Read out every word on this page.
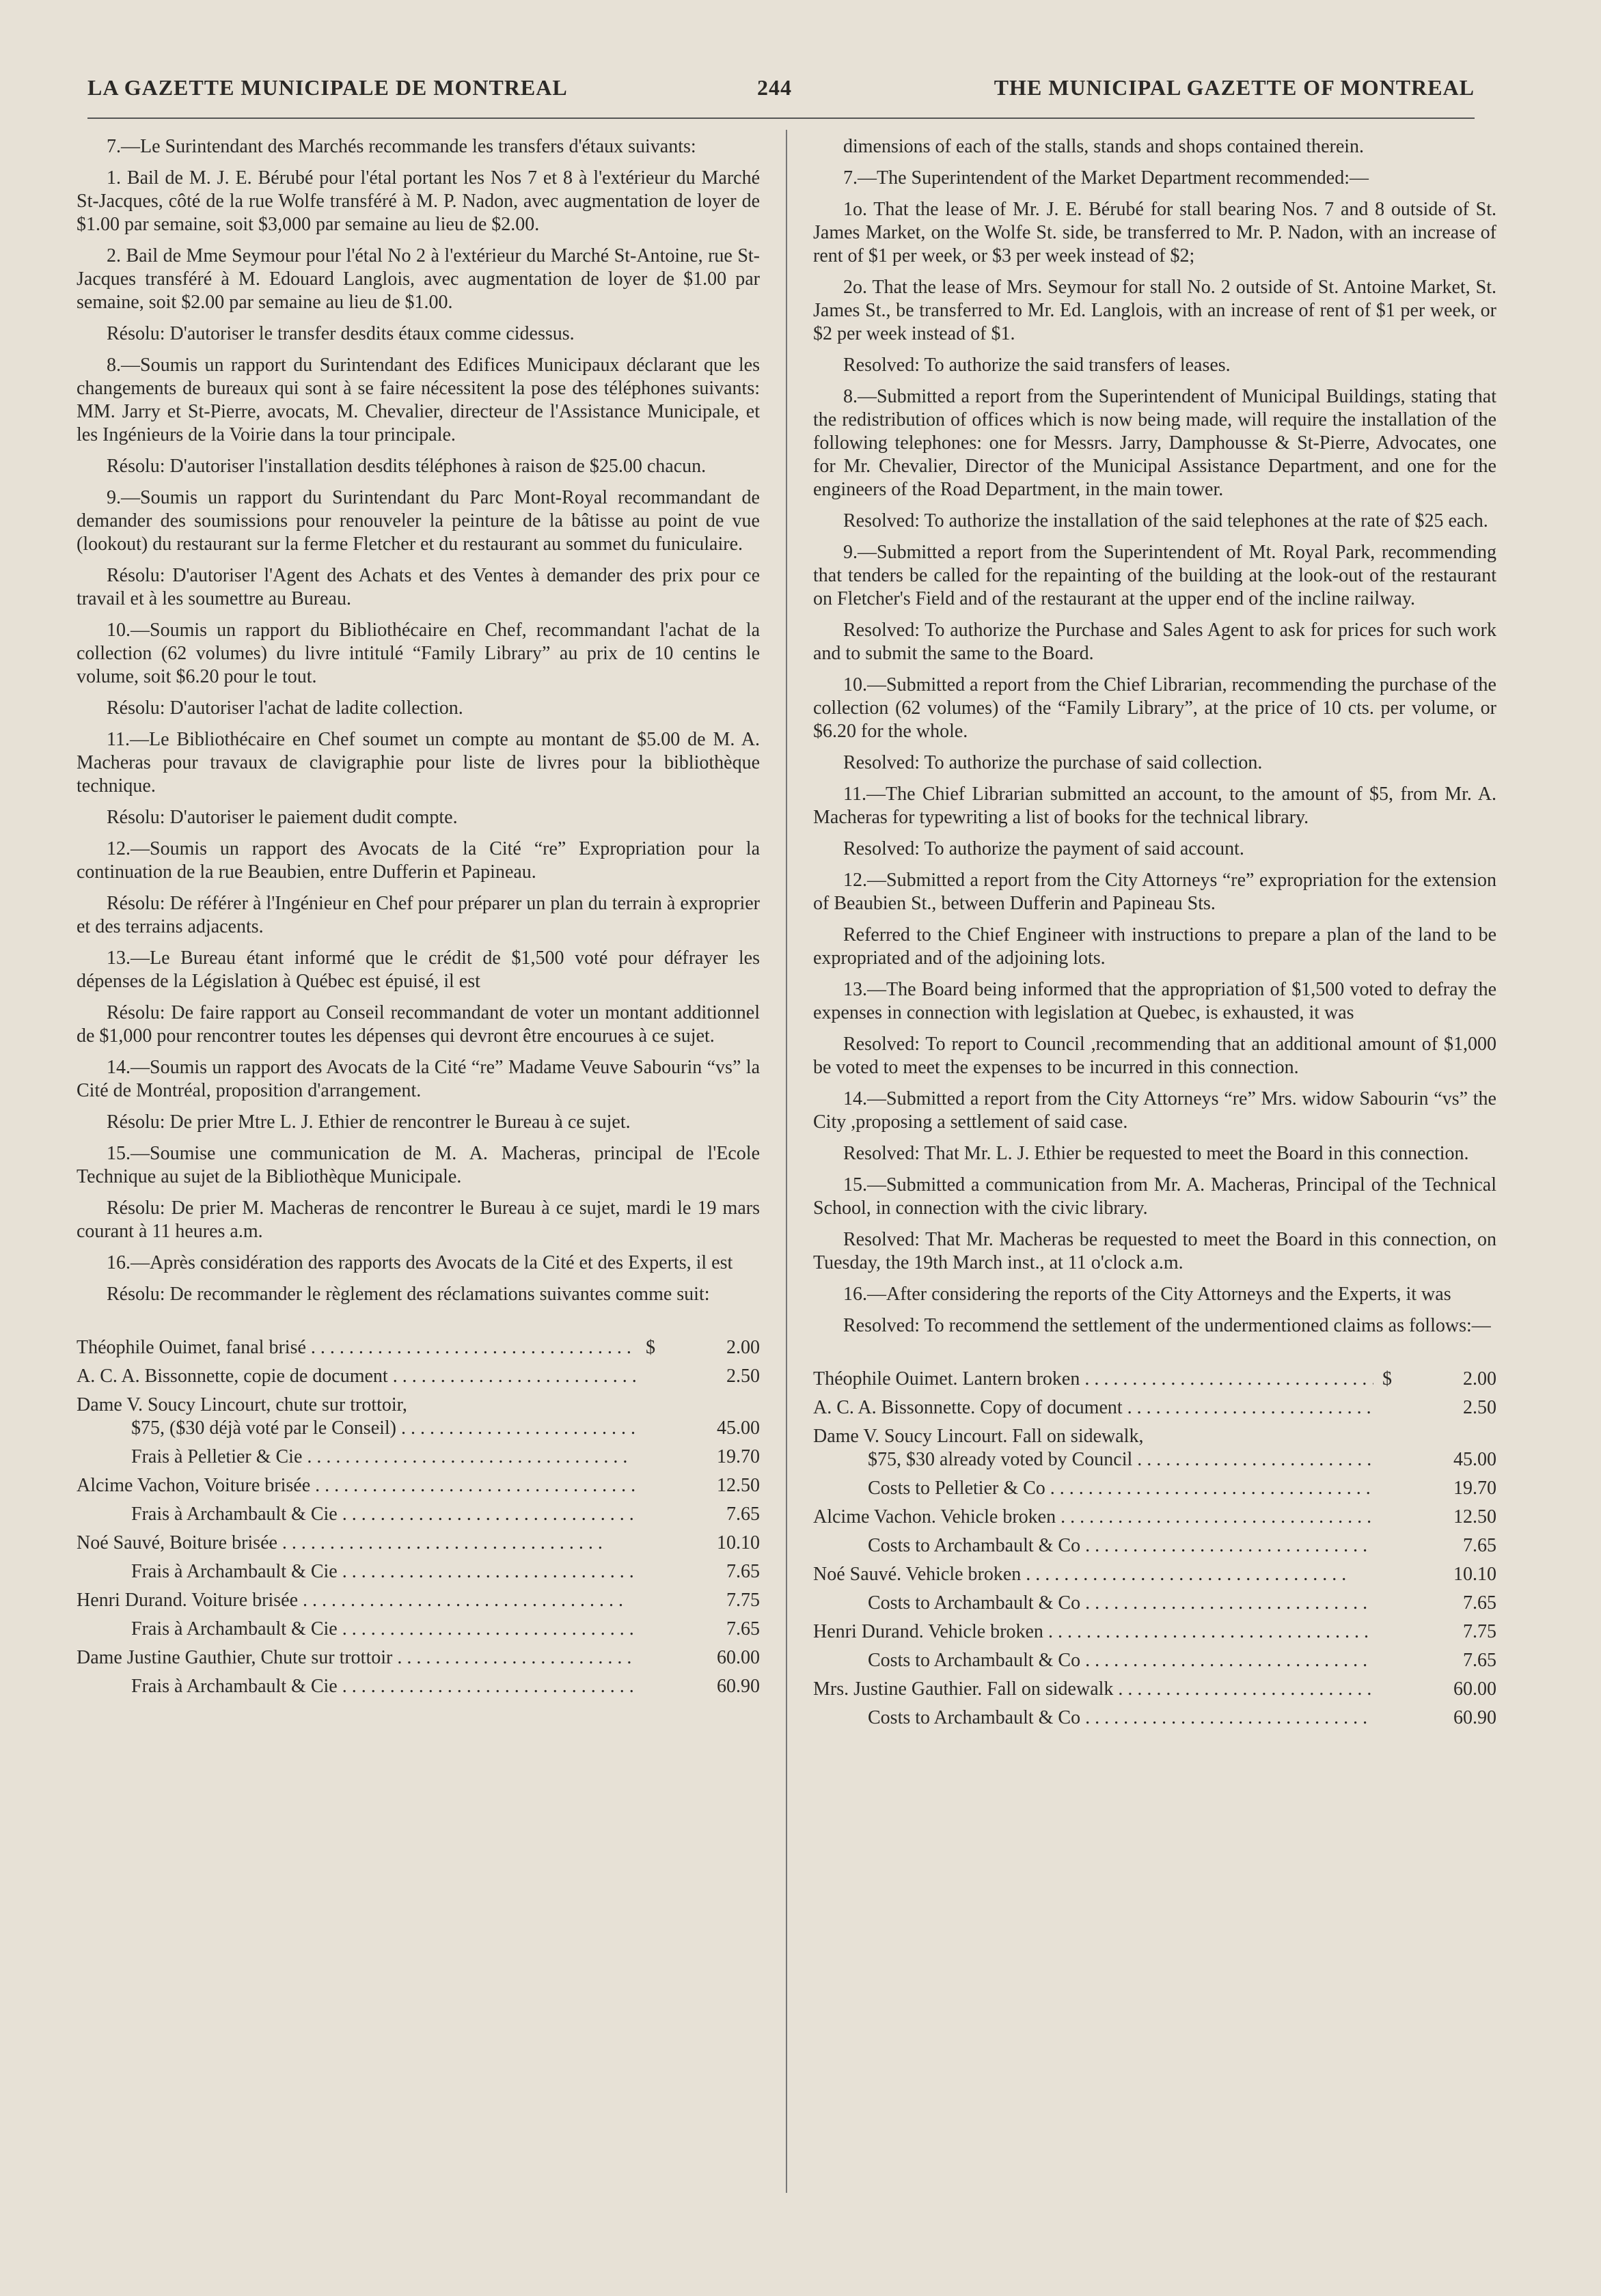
LA GAZETTE MUNICIPALE DE MONTREAL	244	THE MUNICIPAL GAZETTE OF MONTREAL

7.—Le Surintendant des Marchés recommande les transfers d'étaux suivants:

1. Bail de M. J. E. Bérubé pour l'étal portant les Nos 7 et 8 à l'extérieur du Marché St-Jacques, côté de la rue Wolfe transféré à M. P. Nadon, avec augmentation de loyer de $1.00 par semaine, soit $3,000 par semaine au lieu de $2.00.

2. Bail de Mme Seymour pour l'étal No 2 à l'extérieur du Marché St-Antoine, rue St-Jacques transféré à M. Edouard Langlois, avec augmentation de loyer de $1.00 par semaine, soit $2.00 par semaine au lieu de $1.00.

Résolu: D'autoriser le transfer desdits étaux comme cidessus.

8.—Soumis un rapport du Surintendant des Edifices Municipaux déclarant que les changements de bureaux qui sont à se faire nécessitent la pose des téléphones suivants: MM. Jarry et St-Pierre, avocats, M. Chevalier, directeur de l'Assistance Municipale, et les Ingénieurs de la Voirie dans la tour principale.

Résolu: D'autoriser l'installation desdits téléphones à raison de $25.00 chacun.

9.—Soumis un rapport du Surintendant du Parc Mont-Royal recommandant de demander des soumissions pour renouveler la peinture de la bâtisse au point de vue (lookout) du restaurant sur la ferme Fletcher et du restaurant au sommet du funiculaire.

Résolu: D'autoriser l'Agent des Achats et des Ventes à demander des prix pour ce travail et à les soumettre au Bureau.

10.—Soumis un rapport du Bibliothécaire en Chef, recommandant l'achat de la collection (62 volumes) du livre intitulé “Family Library” au prix de 10 centins le volume, soit $6.20 pour le tout.

Résolu: D'autoriser l'achat de ladite collection.

11.—Le Bibliothécaire en Chef soumet un compte au montant de $5.00 de M. A. Macheras pour travaux de clavigraphie pour liste de livres pour la bibliothèque technique.

Résolu: D'autoriser le paiement dudit compte.

12.—Soumis un rapport des Avocats de la Cité “re” Expropriation pour la continuation de la rue Beaubien, entre Dufferin et Papineau.

Résolu: De référer à l'Ingénieur en Chef pour préparer un plan du terrain à exproprier et des terrains adjacents.

13.—Le Bureau étant informé que le crédit de $1,500 voté pour défrayer les dépenses de la Législation à Québec est épuisé, il est

Résolu: De faire rapport au Conseil recommandant de voter un montant additionnel de $1,000 pour rencontrer toutes les dépenses qui devront être encourues à ce sujet.

14.—Soumis un rapport des Avocats de la Cité “re” Madame Veuve Sabourin “vs” la Cité de Montréal, proposition d'arrangement.

Résolu: De prier Mtre L. J. Ethier de rencontrer le Bureau à ce sujet.

15.—Soumise une communication de M. A. Macheras, principal de l'Ecole Technique au sujet de la Bibliothèque Municipale.

Résolu: De prier M. Macheras de rencontrer le Bureau à ce sujet, mardi le 19 mars courant à 11 heures a.m.

16.—Après considération des rapports des Avocats de la Cité et des Experts, il est

Résolu: De recommander le règlement des réclamations suivantes comme suit:

Théophile Ouimet, fanal brisé . . .	$	2.00
A. C. A. Bissonnette, copie de document . . .	2.50
Dame V. Soucy Lincourt, chute sur trottoir,
$75, ($30 déjà voté par le Conseil) . . .	45.00
Frais à Pelletier & Cie . . .	19.70
Alcime Vachon, Voiture brisée . . .	12.50
Frais à Archambault & Cie . . .	7.65
Noé Sauvé, Boiture brisée . . .	10.10
Frais à Archambault & Cie . . .	7.65
Henri Durand. Voiture brisée . . .	7.75
Frais à Archambault & Cie . . .	7.65
Dame Justine Gauthier, Chute sur trottoir . . .	60.00
Frais à Archambault & Cie . . .	60.90

dimensions of each of the stalls, stands and shops contained therein.

7.—The Superintendent of the Market Department recommended:—

1o. That the lease of Mr. J. E. Bérubé for stall bearing Nos. 7 and 8 outside of St. James Market, on the Wolfe St. side, be transferred to Mr. P. Nadon, with an increase of rent of $1 per week, or $3 per week instead of $2;

2o. That the lease of Mrs. Seymour for stall No. 2 outside of St. Antoine Market, St. James St., be transferred to Mr. Ed. Langlois, with an increase of rent of $1 per week, or $2 per week instead of $1.

Resolved: To authorize the said transfers of leases.

8.—Submitted a report from the Superintendent of Municipal Buildings, stating that the redistribution of offices which is now being made, will require the installation of the following telephones: one for Messrs. Jarry, Damphousse & St-Pierre, Advocates, one for Mr. Chevalier, Director of the Municipal Assistance Department, and one for the engineers of the Road Department, in the main tower.

Resolved: To authorize the installation of the said telephones at the rate of $25 each.

9.—Submitted a report from the Superintendent of Mt. Royal Park, recommending that tenders be called for the repainting of the building at the look-out of the restaurant on Fletcher's Field and of the restaurant at the upper end of the incline railway.

Resolved: To authorize the Purchase and Sales Agent to ask for prices for such work and to submit the same to the Board.

10.—Submitted a report from the Chief Librarian, recommending the purchase of the collection (62 volumes) of the “Family Library”, at the price of 10 cts. per volume, or $6.20 for the whole.

Resolved: To authorize the purchase of said collection.

11.—The Chief Librarian submitted an account, to the amount of $5, from Mr. A. Macheras for typewriting a list of books for the technical library.

Resolved: To authorize the payment of said account.

12.—Submitted a report from the City Attorneys “re” expropriation for the extension of Beaubien St., between Dufferin and Papineau Sts.

Referred to the Chief Engineer with instructions to prepare a plan of the land to be expropriated and of the adjoining lots.

13.—The Board being informed that the appropriation of $1,500 voted to defray the expenses in connection with legislation at Quebec, is exhausted, it was

Resolved: To report to Council ,recommending that an additional amount of $1,000 be voted to meet the expenses to be incurred in this connection.

14.—Submitted a report from the City Attorneys “re” Mrs. widow Sabourin “vs” the City ,proposing a settlement of said case.

Resolved: That Mr. L. J. Ethier be requested to meet the Board in this connection.

15.—Submitted a communication from Mr. A. Macheras, Principal of the Technical School, in connection with the civic library.

Resolved: That Mr. Macheras be requested to meet the Board in this connection, on Tuesday, the 19th March inst., at 11 o'clock a.m.

16.—After considering the reports of the City Attorneys and the Experts, it was

Resolved: To recommend the settlement of the undermentioned claims as follows:—

Théophile Ouimet. Lantern broken . . .	$	2.00
A. C. A. Bissonnette. Copy of document . . .	2.50
Dame V. Soucy Lincourt. Fall on sidewalk,
$75, $30 already voted by Council . . .	45.00
Costs to Pelletier & Co . . .	19.70
Alcime Vachon. Vehicle broken . . .	12.50
Costs to Archambault & Co . . .	7.65
Noé Sauvé. Vehicle broken . . .	10.10
Costs to Archambault & Co . . .	7.65
Henri Durand. Vehicle broken . . .	7.75
Costs to Archambault & Co . . .	7.65
Mrs. Justine Gauthier. Fall on sidewalk . . .	60.00
Costs to Archambault & Co . . .	60.90
